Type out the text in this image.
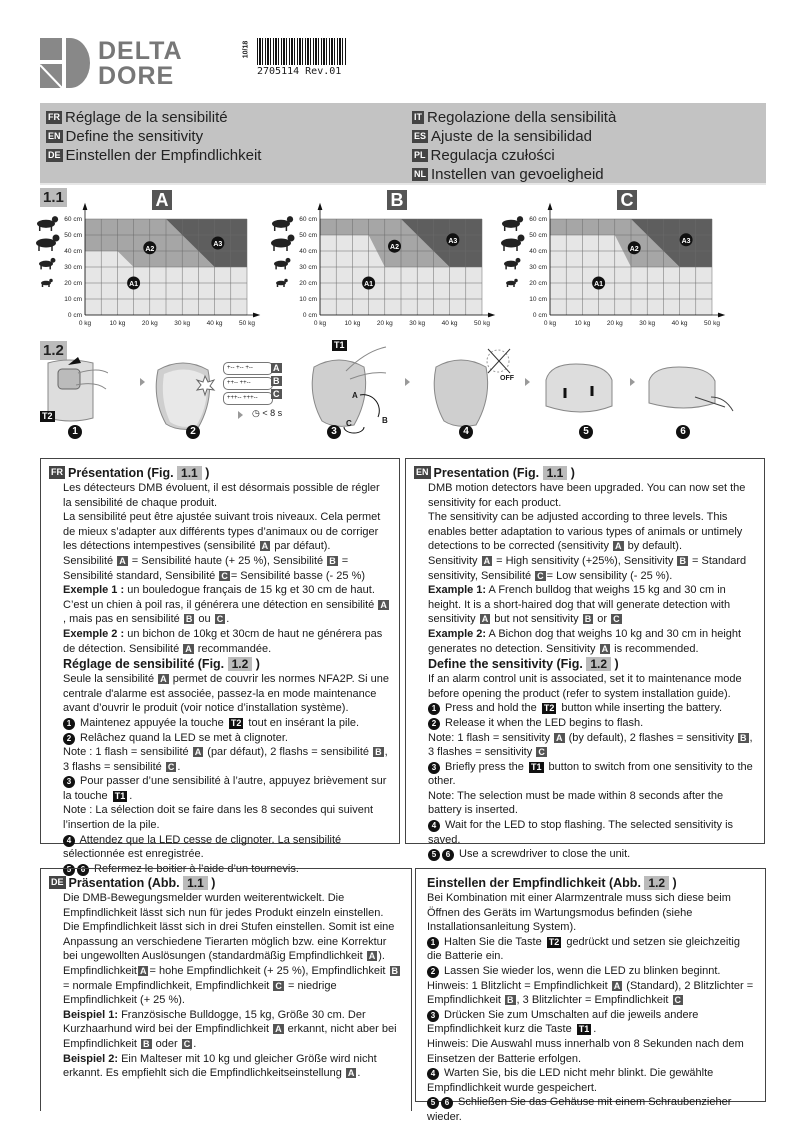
DELTA
DORE
10/18
2705114 Rev.01
FR Réglage de la sensibilité
EN Define the sensitivity
DE Einstellen der Empfindlichkeit
IT Regolazione della sensibilità
ES Ajuste de la sensibilidad
PL Regulacja czułości
NL Instellen van gevoeligheid
1.1	A
A1
A2
A3
0 kg	10 kg	20 kg	30 kg	40 kg	50 kg
0 cm
10 cm
20 cm
30 cm
40 cm
50 cm
60 cm
B
A1
A2
A3
0 kg	10 kg	20 kg	30 kg	40 kg	50 kg
0 cm
10 cm
20 cm
30 cm
40 cm
50 cm
60 cm
C
A1
A2
A3
0 kg	10 kg	20 kg	30 kg	40 kg	50 kg
0 cm
10 cm
20 cm
30 cm
40 cm
50 cm
60 cm
1.2
T2
+-- +-- +--
++-- ++--
+++-- +++--
A
B
C
◷ < 8 s
T1
A
B
C
OFF
1	2	3	4	5	6
FR Présentation (Fig. 1.1 )

Les détecteurs DMB évoluent, il est désormais possible de régler la sensibilité de chaque produit.

La sensibilité peut être ajustée suivant trois niveaux. Cela permet de mieux s’adapter aux différents types d’animaux ou de corriger les détections intempestives (sensibilité A par défaut).

Sensibilité A = Sensibilité haute (+ 25 %), Sensibilité B = Sensibilité standard, Sensibilité C = Sensibilité basse (- 25 %)

Exemple 1 : un bouledogue français de 15 kg et 30 cm de haut. C’est un chien à poil ras, il générera une détection en sensibilité A, mais pas en sensibilité B ou C .

Exemple 2 : un bichon de 10kg et 30cm de haut ne générera pas de détection. Sensibilité A recommandée.

Réglage de sensibilité (Fig. 1.2 )

Seule la sensibilité A permet de couvrir les normes NFA2P. Si une centrale d'alarme est associée, passez-la en mode maintenance avant d’ouvrir le produit (voir notice d’installation système).

1 Maintenez appuyée la touche T2 tout en insérant la pile.

2 Relâchez quand la LED se met à clignoter.

Note : 1 flash = sensibilité A (par défaut), 2 flashs = sensibilité B , 3 flashs = sensibilité C .

3 Pour passer d’une sensibilité à l’autre, appuyez brièvement sur la touche T1 .

Note : La sélection doit se faire dans les 8 secondes qui suivent l’insertion de la pile.

4 Attendez que la LED cesse de clignoter. La sensibilité sélectionnée est enregistrée.

5 6 Refermez le boitier à l’aide d’un tournevis.

EN Presentation (Fig. 1.1 )

DMB motion detectors have been upgraded. You can now set the sensitivity for each product.

The sensitivity can be adjusted according to three levels. This enables better adaptation to various types of animals or untimely detections to be corrected (sensitivity A by default).

Sensitivity A = High sensitivity (+25%), Sensitivity B = Standard sensitivity, Sensibilité C = Low sensibility (- 25 %).

Example 1: A French bulldog that weighs 15 kg and 30 cm in height. It is a short-haired dog that will generate detection with sensitivity A but not sensitivity B or C

Example 2: A Bichon dog that weighs 10 kg and 30 cm in height generates no detection. Sensitivity A is recommended.

Define the sensitivity (Fig. 1.2 )

If an alarm control unit is associated, set it to maintenance mode before opening the product (refer to system installation guide).

1 Press and hold the T2 button while inserting the battery.

2 Release it when the LED begins to flash.

Note: 1 flash = sensitivity A (by default), 2 flashes = sensitivity B , 3 flashes = sensitivity C

3 Briefly press the T1 button to switch from one sensitivity to the other.

Note: The selection must be made within 8 seconds after the battery is inserted.

4 Wait for the LED to stop flashing. The selected sensitivity is saved.

5 6 Use a screwdriver to close the unit.

DE Präsentation (Abb. 1.1 )

Die DMB-Bewegungsmelder wurden weiterentwickelt. Die Empfindlichkeit lässt sich nun für jedes Produkt einzeln einstellen.

Die Empfindlichkeit lässt sich in drei Stufen einstellen. Somit ist eine Anpassung an verschiedene Tierarten möglich bzw. eine Korrektur bei ungewollten Auslösungen (standardmäßig Empfindlichkeit A ).

Empfindlichkeit A = hohe Empfindlichkeit (+ 25 %), Empfindlichkeit B = normale Empfindlichkeit, Empfindlichkeit C = niedrige Empfindlichkeit (+ 25 %).

Beispiel 1: Französische Bulldogge, 15 kg, Größe 30 cm. Der Kurzhaarhund wird bei der Empfindlichkeit A erkannt, nicht aber bei Empfindlichkeit B oder C .

Beispiel 2: Ein Malteser mit 10 kg und gleicher Größe wird nicht erkannt. Es empfiehlt sich die Empfindlichkeitseinstellung A .

Einstellen der Empfindlichkeit (Abb. 1.2 )

Bei Kombination mit einer Alarmzentrale muss sich diese beim Öffnen des Geräts im Wartungsmodus befinden (siehe Installationsanleitung System).

1 Halten Sie die Taste T2 gedrückt und setzen sie gleichzeitig die Batterie ein.

2 Lassen Sie wieder los, wenn die LED zu blinken beginnt.

Hinweis: 1 Blitzlicht = Empfindlichkeit A (Standard), 2 Blitzlichter = Empfindlichkeit B , 3 Blitzlichter = Empfindlichkeit C

3 Drücken Sie zum Umschalten auf die jeweils andere Empfindlichkeit kurz die Taste T1 .

Hinweis: Die Auswahl muss innerhalb von 8 Sekunden nach dem Einsetzen der Batterie erfolgen.

4 Warten Sie, bis die LED nicht mehr blinkt. Die gewählte Empfindlichkeit wurde gespeichert.

5 6 Schließen Sie das Gehäuse mit einem Schraubenzieher wieder.
